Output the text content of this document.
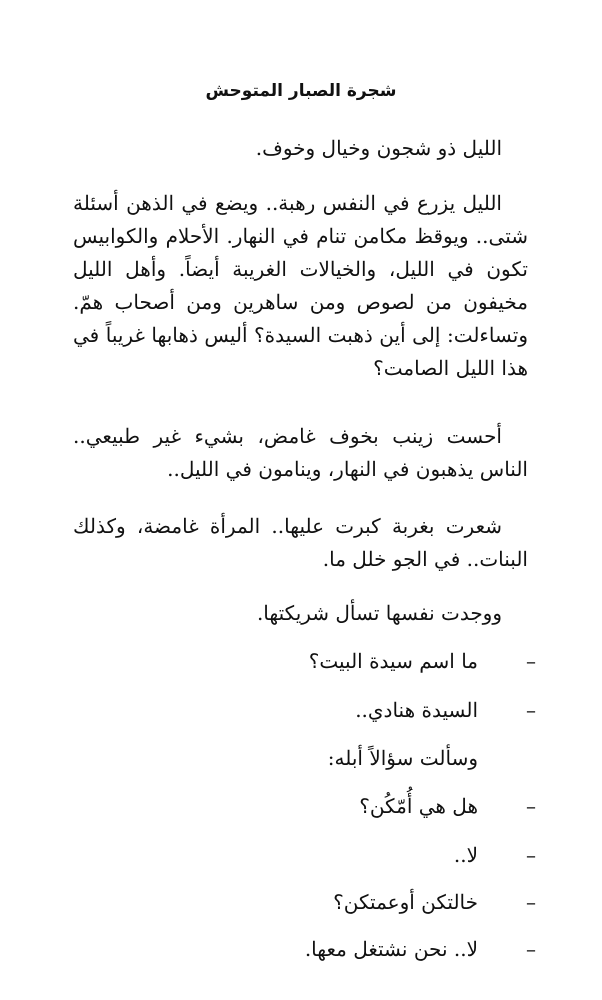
شجرة الصبار المتوحش

الليل ذو شجون وخيال وخوف.

الليل يزرع في النفس رهبة.. ويضع في الذهن أسئلة شتى.. ويوقظ مكامن تنام في النهار. الأحلام والكوابيس تكون في الليل، والخيالات الغريبة أيضاً. وأهل الليل مخيفون من لصوص ومن ساهرين ومن أصحاب همّ. وتساءلت: إلى أين ذهبت السيدة؟ أليس ذهابها غريباً في هذا الليل الصامت؟

أحست زينب بخوف غامض، بشيء غير طبيعي.. الناس يذهبون في النهار، وينامون في الليل..

شعرت بغربة كبرت عليها.. المرأة غامضة، وكذلك البنات.. في الجو خلل ما.

ووجدت نفسها تسأل شريكتها.

–ما اسم سيدة البيت؟

–السيدة هنادي..

وسألت سؤالاً أبله:

–هل هي أُمّكُن؟

–لا..

–خالتكن أوعمتكن؟

–لا.. نحن نشتغل معها.
